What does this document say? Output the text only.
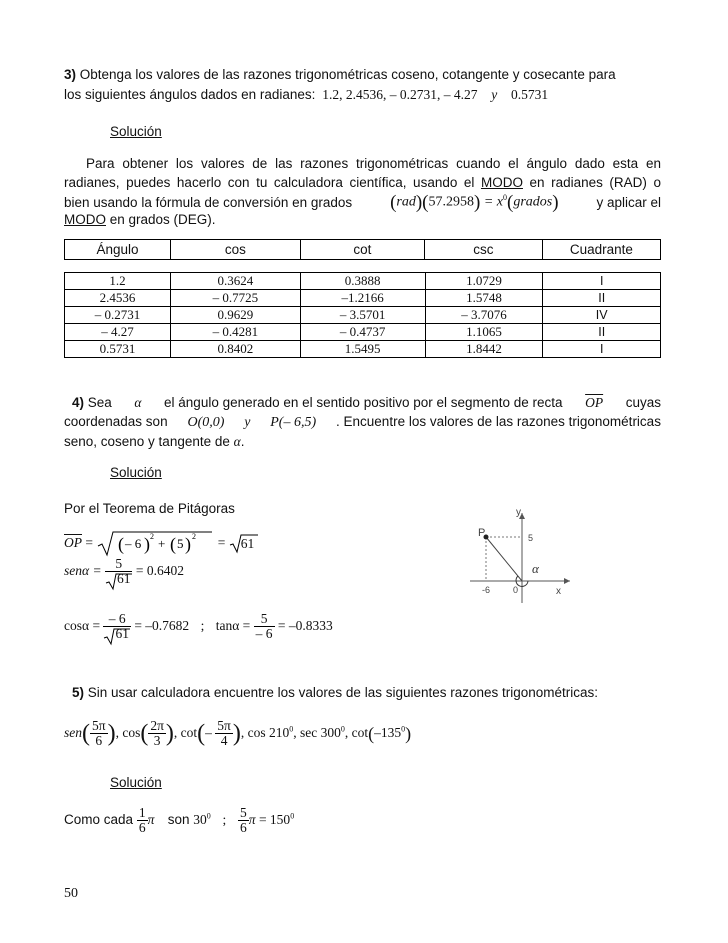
3) Obtenga los valores de las razones trigonométricas coseno, cotangente y cosecante para
los siguientes ángulos dados en radianes: 1.2, 2.4536, – 0.2731, – 4.27 y 0.5731
Solución
Para obtener los valores de las razones trigonométricas cuando el ángulo dado esta en
radianes, puedes hacerlo con tu calculadora científica, usando el MODO en radianes (RAD) o
bien usando la fórmula de conversión en grados $(rad)(57.2958) = x^0(grados)$	y aplicar el
MODO en grados (DEG).
Ángulo	cos	cot	csc	Cuadrante
1.2	0.3624	0.3888	1.0729	I
2.4536	– 0.7725	–1.2166	1.5748	II
– 0.2731	0.9629	– 3.5701	– 3.7076	IV
– 4.27	– 0.4281	– 0.4737	1.1065	II
0.5731	0.8402	1.5495	1.8442	I
4) Sea α el ángulo generado en el sentido positivo por el segmento de recta $\overline{OP}$ cuyas
coordenadas son O(0,0) y P(– 6,5) . Encuentre los valores de las razones trigonométricas
seno, coseno y tangente de α.
Solución
Por el Teorema de Pitágoras
$\overline{OP}$ = ( – 6 ) 2 + ( 5 ) 2 =
61
$sen\alpha = \frac{5}{61} = 0.6402$
$\cos\alpha = \frac{- 6}{61} = -0.7682$ ; $\tan\alpha = \frac{5}{- 6} = -0.8333$
P
y
5
-6	0	x
α
5) Sin usar calculadora encuentre los valores de las siguientes razones trigonométricas:
$sen( \frac{5\pi}{6}$ ), $\cos( \frac{2\pi}{3}$ ), $\cot(- \frac{5\pi}{4}$ ), $\cos 210^0$, $\sec 300^0$, $\cot(-135^0)$
Solución
Como cada $\frac{1}{6}$ π son $30^0$ ; $\frac{5}{6}$ $\pi = 150^0$
50
